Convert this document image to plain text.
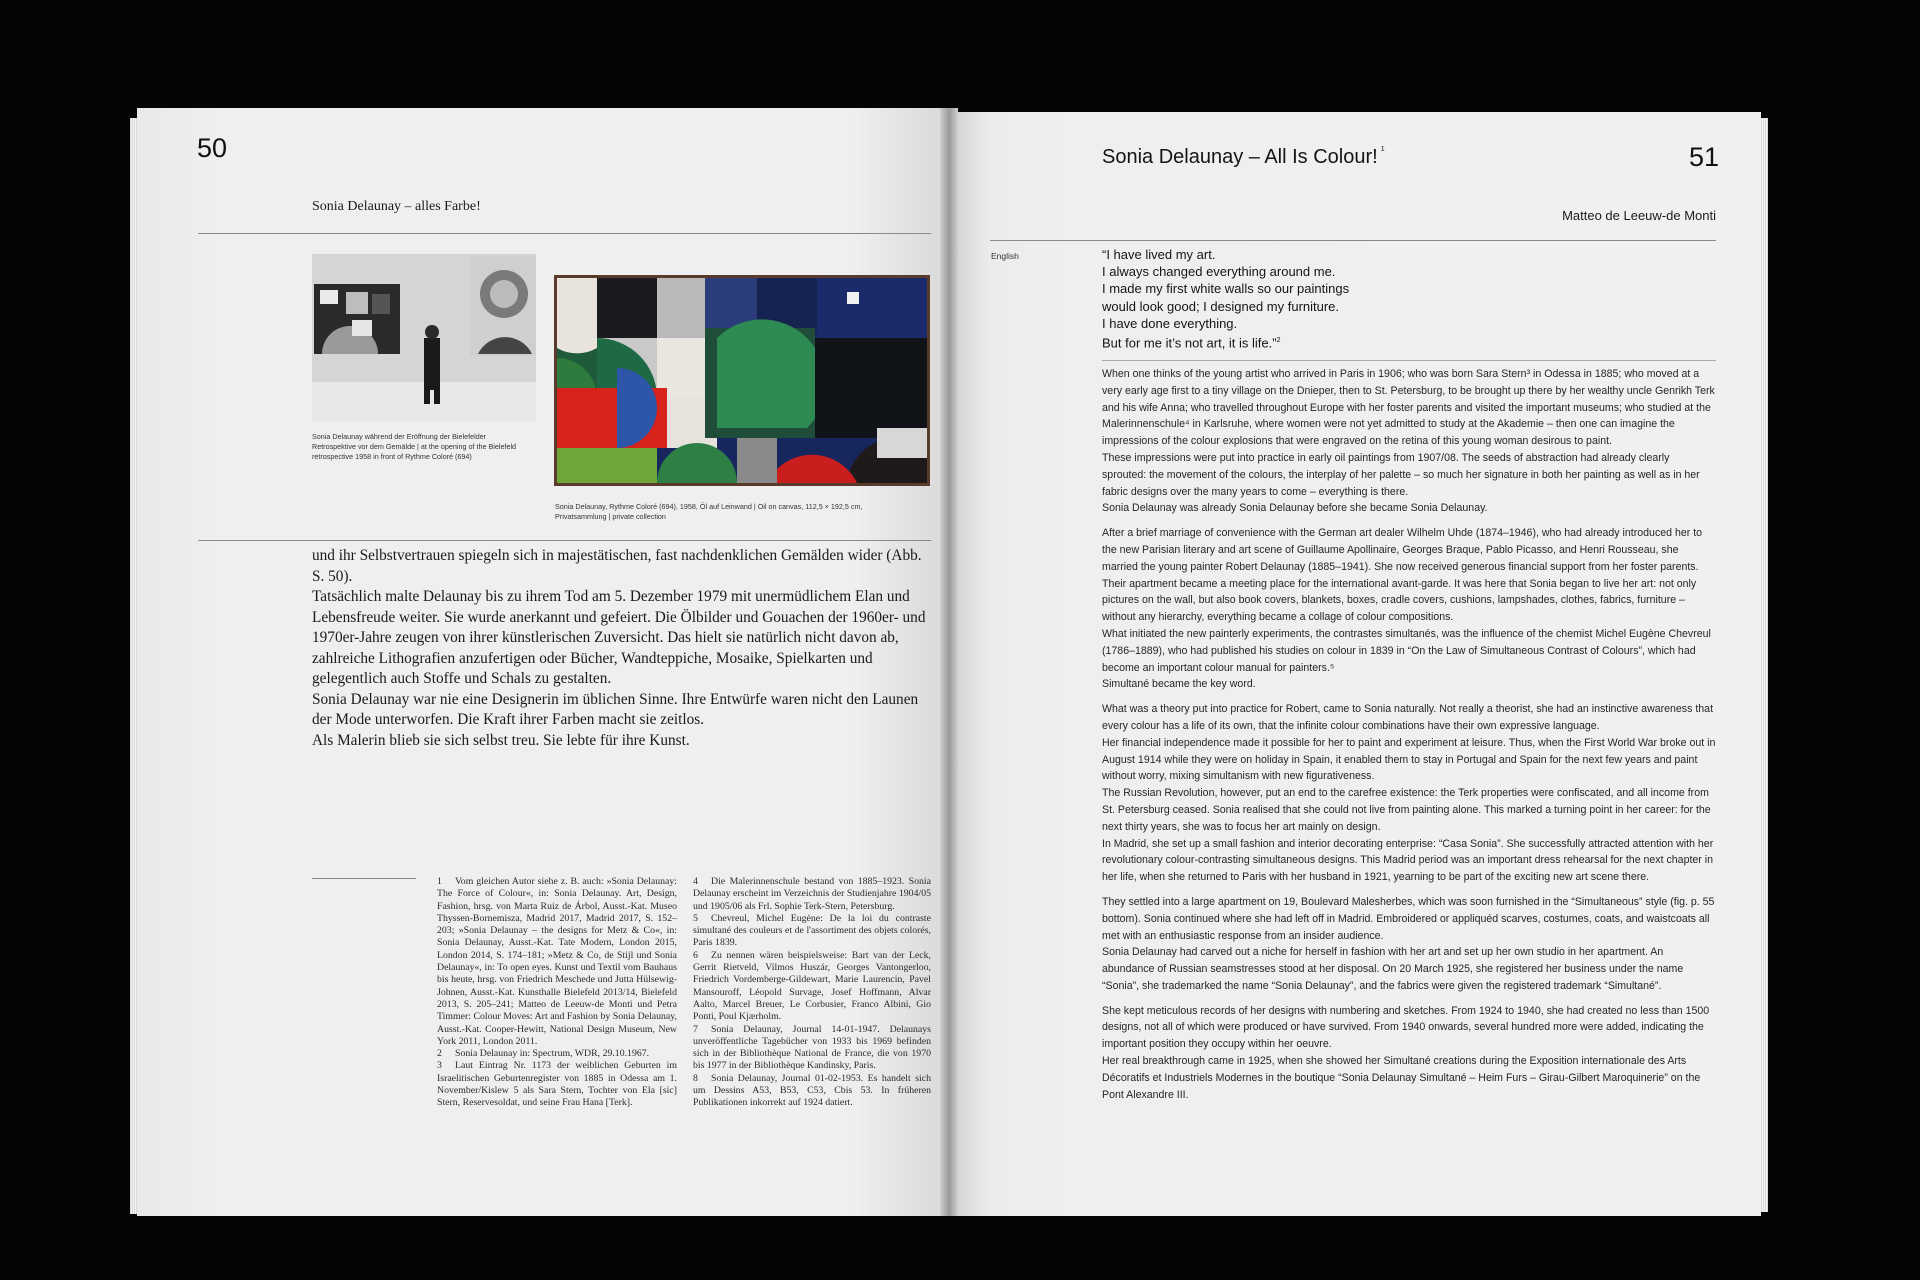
50
Sonia Delaunay – alles Farbe!
Sonia Delaunay während der Eröffnung der Bielefelder Retrospektive vor dem Gemälde | at the opening of the Bielefeld retrospective 1958 in front of Rythme Coloré (694)
Sonia Delaunay, Rythme Coloré (694), 1958, Öl auf Leinwand | Oil on canvas, 112,5 × 192,5 cm,
Privatsammlung | private collection

und ihr Selbstvertrauen spiegeln sich in majestätischen, fast nachdenklichen Gemälden wider (Abb. S. 50).

Tatsächlich malte Delaunay bis zu ihrem Tod am 5. Dezember 1979 mit unermüdlichem Elan und Lebensfreude weiter. Sie wurde anerkannt und gefeiert. Die Ölbilder und Gouachen der 1960er- und 1970er-Jahre zeugen von ihrer künstlerischen Zuversicht. Das hielt sie natürlich nicht davon ab, zahlreiche Lithografien anzufertigen oder Bücher, Wandteppiche, Mosaike, Spielkarten und gelegentlich auch Stoffe und Schals zu gestalten.

Sonia Delaunay war nie eine Designerin im üblichen Sinne. Ihre Entwürfe waren nicht den Launen der Mode unterworfen. Die Kraft ihrer Farben macht sie zeitlos.

Als Malerin blieb sie sich selbst treu. Sie lebte für ihre Kunst.

1 Vom gleichen Autor siehe z. B. auch: »Sonia Delaunay: The Force of Colour«, in: Sonia Delaunay. Art, Design, Fashion, hrsg. von Marta Ruiz de Árbol, Ausst.-Kat. Museo Thyssen-Bornemisza, Madrid 2017, Madrid 2017, S. 152–203; »Sonia Delaunay – the designs for Metz & Co«, in: Sonia Delaunay, Ausst.-Kat. Tate Modern, London 2015, London 2014, S. 174–181; »Metz & Co, de Stijl und Sonia Delaunay«, in: To open eyes. Kunst und Textil vom Bauhaus bis heute, hrsg. von Friedrich Meschede und Jutta Hülsewig-Johnen, Ausst.-Kat. Kunsthalle Bielefeld 2013/14, Bielefeld 2013, S. 205–241; Matteo de Leeuw-de Monti und Petra Timmer: Colour Moves: Art and Fashion by Sonia Delaunay, Ausst.-Kat. Cooper-Hewitt, National Design Museum, New York 2011, London 2011.

2 Sonia Delaunay in: Spectrum, WDR, 29.10.1967.

3 Laut Eintrag Nr. 1173 der weiblichen Geburten im Israelitischen Geburtenregister von 1885 in Odessa am 1. November/Kislew 5 als Sara Stern, Tochter von Ela [sic] Stern, Reservesoldat, und seine Frau Hana [Terk].

4 Die Malerinnenschule bestand von 1885–1923. Sonia Delaunay erscheint im Verzeichnis der Studienjahre 1904/05 und 1905/06 als Frl. Sophie Terk-Stern, Petersburg.

5 Chevreul, Michel Eugène: De la loi du contraste simultané des couleurs et de l'assortiment des objets colorés, Paris 1839.

6 Zu nennen wären beispielsweise: Bart van der Leck, Gerrit Rietveld, Vilmos Huszár, Georges Vantongerloo, Friedrich Vordemberge-Gildewart, Marie Laurencin, Pavel Mansouroff, Léopold Survage, Josef Hoffmann, Alvar Aalto, Marcel Breuer, Le Corbusier, Franco Albini, Gio Ponti, Poul Kjærholm.

7 Sonia Delaunay, Journal 14-01-1947. Delaunays unveröffentliche Tagebücher von 1933 bis 1969 befinden sich in der Bibliothèque National de France, die von 1970 bis 1977 in der Bibliothèque Kandinsky, Paris.

8 Sonia Delaunay, Journal 01-02-1953. Es handelt sich um Dessins A53, B53, C53, Cbis 53. In früheren Publikationen inkorrekt auf 1924 datiert.

Sonia Delaunay – All Is Colour! $^1$	51
Matteo de Leeuw-de Monti
English	“I have lived my art.

I always changed everything around me.

I made my first white walls so our paintings

would look good; I designed my furniture.

I have done everything.

But for me it’s not art, it is life.”$^2$

When one thinks of the young artist who arrived in Paris in 1906; who was born Sara Stern³ in Odessa in 1885; who moved at a very early age first to a tiny village on the Dnieper, then to St. Petersburg, to be brought up there by her wealthy uncle Genrikh Terk and his wife Anna; who travelled throughout Europe with her foster parents and visited the important museums; who studied at the Malerinnenschule⁴ in Karlsruhe, where women were not yet admitted to study at the Akademie – then one can imagine the impressions of the colour explosions that were engraved on the retina of this young woman desirous to paint.

These impressions were put into practice in early oil paintings from 1907/08. The seeds of abstraction had already clearly sprouted: the movement of the colours, the interplay of her palette – so much her signature in both her painting as well as in her fabric designs over the many years to come – everything is there.

Sonia Delaunay was already Sonia Delaunay before she became Sonia Delaunay.

After a brief marriage of convenience with the German art dealer Wilhelm Uhde (1874–1946), who had already introduced her to the new Parisian literary and art scene of Guillaume Apollinaire, Georges Braque, Pablo Picasso, and Henri Rousseau, she married the young painter Robert Delaunay (1885–1941). She now received generous financial support from her foster parents. Their apartment became a meeting place for the international avant-garde. It was here that Sonia began to live her art: not only pictures on the wall, but also book covers, blankets, boxes, cradle covers, cushions, lampshades, clothes, fabrics, furniture – without any hierarchy, everything became a collage of colour compositions.

What initiated the new painterly experiments, the contrastes simultanés, was the influence of the chemist Michel Eugène Chevreul (1786–1889), who had published his studies on colour in 1839 in “On the Law of Simultaneous Contrast of Colours”, which had become an important colour manual for painters.⁵

Simultané became the key word.

What was a theory put into practice for Robert, came to Sonia naturally. Not really a theorist, she had an instinctive awareness that every colour has a life of its own, that the infinite colour combinations have their own expressive language.

Her financial independence made it possible for her to paint and experiment at leisure. Thus, when the First World War broke out in August 1914 while they were on holiday in Spain, it enabled them to stay in Portugal and Spain for the next few years and paint without worry, mixing simultanism with new figurativeness.

The Russian Revolution, however, put an end to the carefree existence: the Terk properties were confiscated, and all income from St. Petersburg ceased. Sonia realised that she could not live from painting alone. This marked a turning point in her career: for the next thirty years, she was to focus her art mainly on design.

In Madrid, she set up a small fashion and interior decorating enterprise: “Casa Sonia”. She successfully attracted attention with her revolutionary colour-contrasting simultaneous designs. This Madrid period was an important dress rehearsal for the next chapter in her life, when she returned to Paris with her husband in 1921, yearning to be part of the exciting new art scene there.

They settled into a large apartment on 19, Boulevard Malesherbes, which was soon furnished in the “Simultaneous” style (fig. p. 55 bottom). Sonia continued where she had left off in Madrid. Embroidered or appliquéd scarves, costumes, coats, and waistcoats all met with an enthusiastic response from an insider audience.

Sonia Delaunay had carved out a niche for herself in fashion with her art and set up her own studio in her apartment. An abundance of Russian seamstresses stood at her disposal. On 20 March 1925, she registered her business under the name “Sonia”, she trademarked the name “Sonia Delaunay”, and the fabrics were given the registered trademark “Simultané”.

She kept meticulous records of her designs with numbering and sketches. From 1924 to 1940, she had created no less than 1500 designs, not all of which were produced or have survived. From 1940 onwards, several hundred more were added, indicating the important position they occupy within her oeuvre.

Her real breakthrough came in 1925, when she showed her Simultané creations during the Exposition internationale des Arts Décoratifs et Industriels Modernes in the boutique “Sonia Delaunay Simultané – Heim Furs – Girau-Gilbert Maroquinerie” on the Pont Alexandre III.
